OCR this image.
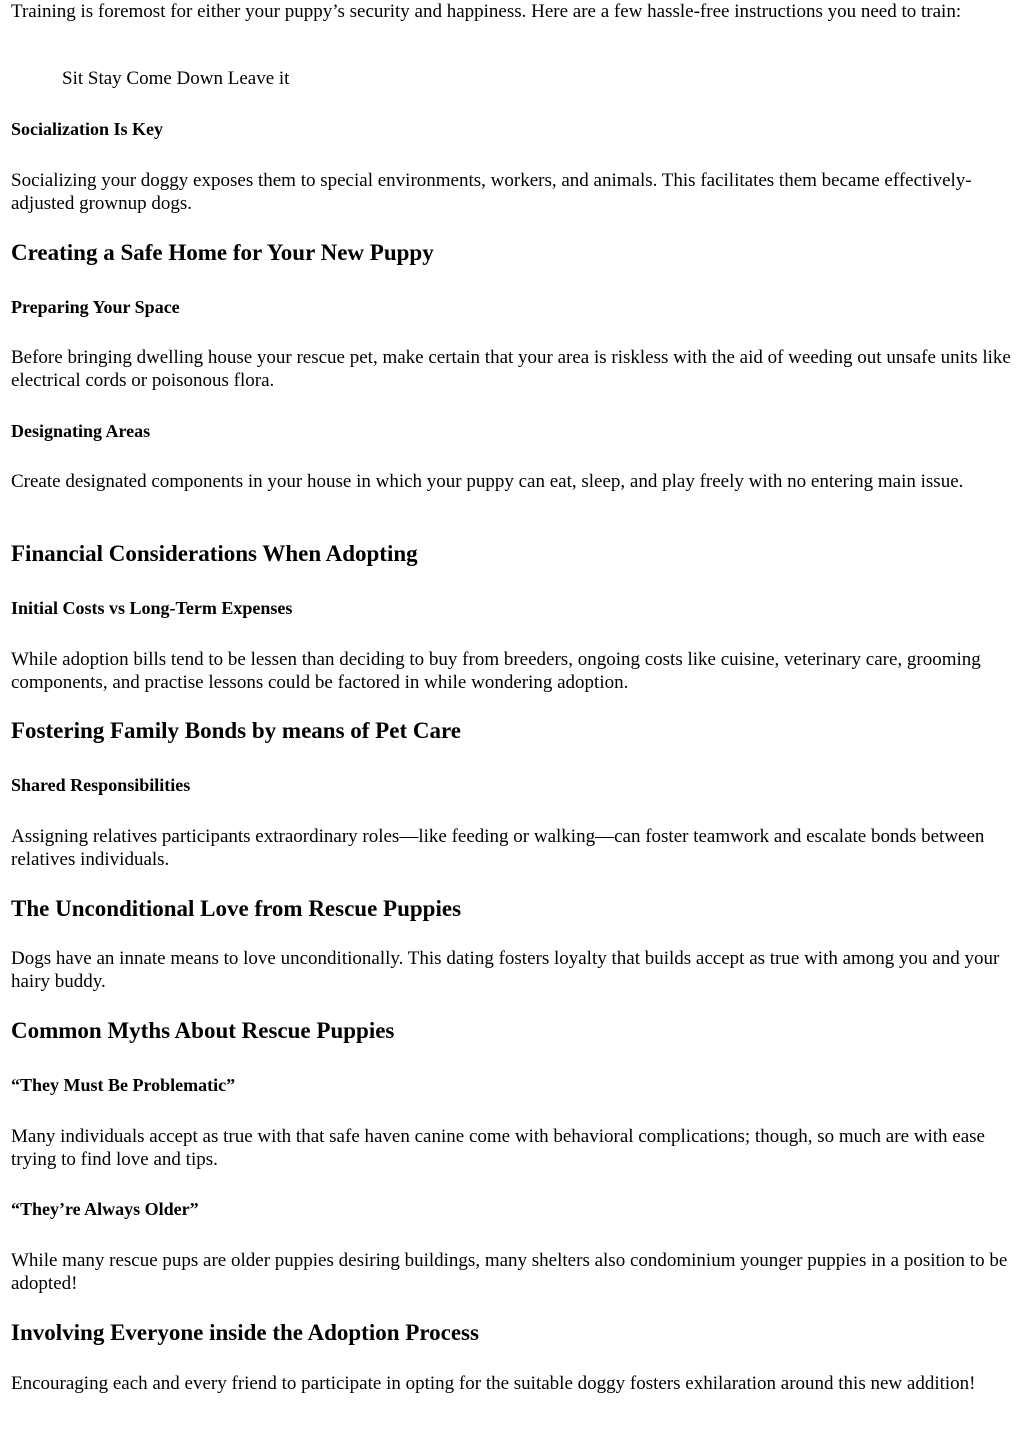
Training is foremost for either your puppy’s security and happiness. Here are a few hassle-free instructions you need to train:

Sit Stay Come Down Leave it

Socialization Is Key

Socializing your doggy exposes them to special environments, workers, and animals. This facilitates them became effectively-adjusted grownup dogs.

Creating a Safe Home for Your New Puppy
Preparing Your Space

Before bringing dwelling house your rescue pet, make certain that your area is riskless with the aid of weeding out unsafe units like electrical cords or poisonous flora.

Designating Areas

Create designated components in your house in which your puppy can eat, sleep, and play freely with no entering main issue.

Financial Considerations When Adopting
Initial Costs vs Long-Term Expenses

While adoption bills tend to be lessen than deciding to buy from breeders, ongoing costs like cuisine, veterinary care, grooming components, and practise lessons could be factored in while wondering adoption.

Fostering Family Bonds by means of Pet Care
Shared Responsibilities

Assigning relatives participants extraordinary roles—like feeding or walking—can foster teamwork and escalate bonds between relatives individuals.

The Unconditional Love from Rescue Puppies

Dogs have an innate means to love unconditionally. This dating fosters loyalty that builds accept as true with among you and your hairy buddy.

Common Myths About Rescue Puppies
“They Must Be Problematic”

Many individuals accept as true with that safe haven canine come with behavioral complications; though, so much are with ease trying to find love and tips.

“They’re Always Older”

While many rescue pups are older puppies desiring buildings, many shelters also condominium younger puppies in a position to be adopted!

Involving Everyone inside the Adoption Process

Encouraging each and every friend to participate in opting for the suitable doggy fosters exhilaration around this new addition!
